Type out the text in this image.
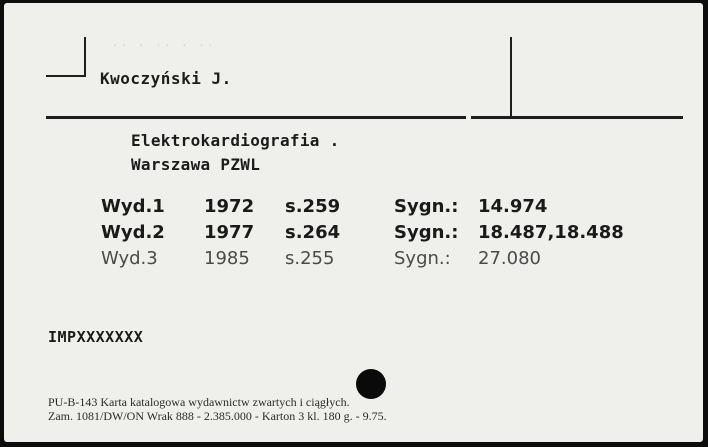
·· · ·· · ··
Kwoczyński J.
Elektrokardiografia .
Warszawa PZWL
Wyd.1 1972 s.259	Sygn.: 14.974
Wyd.2 1977 s.264	Sygn.: 18.487,18.488
Wyd.3	1985 s.255	Sygn.: 27.080
IMPXXXXXXX
PU-B-143 Karta katalogowa wydawnictw zwartych i ciągłych.
Zam. 1081/DW/ON Wrak 888 - 2.385.000 - Karton 3 kl. 180 g. - 9.75.
